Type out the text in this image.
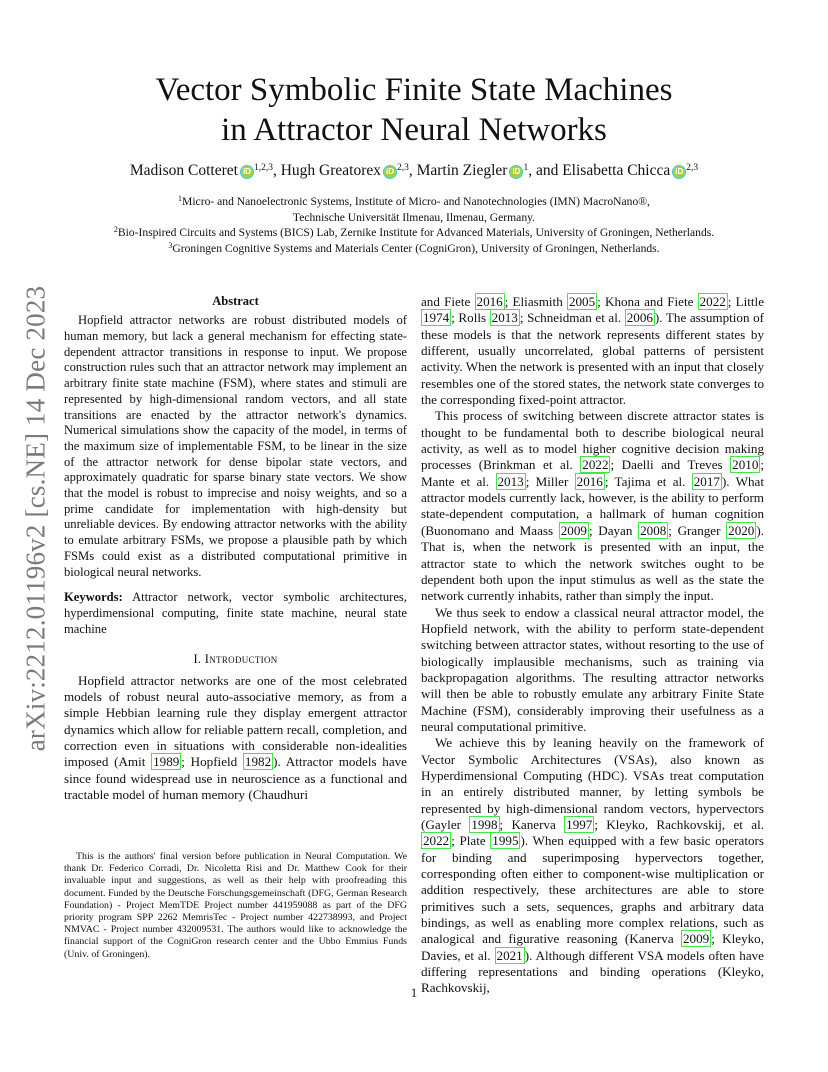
arXiv:2212.01196v2 [cs.NE] 14 Dec 2023
Vector Symbolic Finite State Machines
in Attractor Neural Networks
Madison Cotteret iD $^{1,2,3}$, Hugh Greatorex iD $^{2,3}$, Martin Ziegler iD $^1$, and Elisabetta Chicca iD $^{2,3}$
$^1$Micro- and Nanoelectronic Systems, Institute of Micro- and Nanotechnologies (IMN) MacroNano®,
Technische Universität Ilmenau, Ilmenau, Germany.
$^2$Bio-Inspired Circuits and Systems (BICS) Lab, Zernike Institute for Advanced Materials, University of Groningen, Netherlands.
$^3$Groningen Cognitive Systems and Materials Center (CogniGron), University of Groningen, Netherlands.

Abstract

Hopfield attractor networks are robust distributed models of human memory, but lack a general mechanism for effecting state-dependent attractor transitions in response to input. We propose construction rules such that an attractor network may implement an arbitrary finite state machine (FSM), where states and stimuli are represented by high-dimensional random vectors, and all state transitions are enacted by the attractor network's dynamics. Numerical simulations show the capacity of the model, in terms of the maximum size of implementable FSM, to be linear in the size of the attractor network for dense bipolar state vectors, and approximately quadratic for sparse binary state vectors. We show that the model is robust to imprecise and noisy weights, and so a prime candidate for implementation with high-density but unreliable devices. By endowing attractor networks with the ability to emulate arbitrary FSMs, we propose a plausible path by which FSMs could exist as a distributed computational primitive in biological neural networks.

Keywords: Attractor network, vector symbolic architectures, hyperdimensional computing, finite state machine, neural state machine

I. Introduction

Hopfield attractor networks are one of the most celebrated models of robust neural auto-associative memory, as from a simple Hebbian learning rule they display emergent attractor dynamics which allow for reliable pattern recall, completion, and correction even in situations with considerable non-idealities imposed (Amit 1989 ; Hopfield 1982 ). Attractor models have since found widespread use in neuroscience as a functional and tractable model of human memory (Chaudhuri

This is the authors' final version before publication in Neural Computation. We thank Dr. Federico Corradi, Dr. Nicoletta Risi and Dr. Matthew Cook for their invaluable input and suggestions, as well as their help with proofreading this document. Funded by the Deutsche Forschungsgemeinschaft (DFG, German Research Foundation) - Project MemTDE Project number 441959088 as part of the DFG priority program SPP 2262 MemrisTec - Project number 422738993, and Project NMVAC - Project number 432009531. The authors would like to acknowledge the financial support of the CogniGron research center and the Ubbo Emmius Funds (Univ. of Groningen).

and Fiete 2016 ; Eliasmith 2005 ; Khona and Fiete 2022 ; Little 1974 ; Rolls 2013 ; Schneidman et al. 2006 ). The assumption of these models is that the network represents different states by different, usually uncorrelated, global patterns of persistent activity. When the network is presented with an input that closely resembles one of the stored states, the network state converges to the corresponding fixed-point attractor.

This process of switching between discrete attractor states is thought to be fundamental both to describe biological neural activity, as well as to model higher cognitive decision making processes (Brinkman et al. 2022 ; Daelli and Treves 2010 ; Mante et al. 2013 ; Miller 2016 ; Tajima et al. 2017 ). What attractor models currently lack, however, is the ability to perform state-dependent computation, a hallmark of human cognition (Buonomano and Maass 2009 ; Dayan 2008 ; Granger 2020 ). That is, when the network is presented with an input, the attractor state to which the network switches ought to be dependent both upon the input stimulus as well as the state the network currently inhabits, rather than simply the input.

We thus seek to endow a classical neural attractor model, the Hopfield network, with the ability to perform state-dependent switching between attractor states, without resorting to the use of biologically implausible mechanisms, such as training via backpropagation algorithms. The resulting attractor networks will then be able to robustly emulate any arbitrary Finite State Machine (FSM), considerably improving their usefulness as a neural computational primitive.

We achieve this by leaning heavily on the framework of Vector Symbolic Architectures (VSAs), also known as Hyperdimensional Computing (HDC). VSAs treat computation in an entirely distributed manner, by letting symbols be represented by high-dimensional random vectors, hypervectors (Gayler 1998 ; Kanerva 1997 ; Kleyko, Rachkovskij, et al. 2022 ; Plate 1995 ). When equipped with a few basic operators for binding and superimposing hypervectors together, corresponding often either to component-wise multiplication or addition respectively, these architectures are able to store primitives such a sets, sequences, graphs and arbitrary data bindings, as well as enabling more complex relations, such as analogical and figurative reasoning (Kanerva 2009 ; Kleyko, Davies, et al. 2021 ). Although different VSA models often have differing representations and binding operations (Kleyko, Rachkovskij,

1
